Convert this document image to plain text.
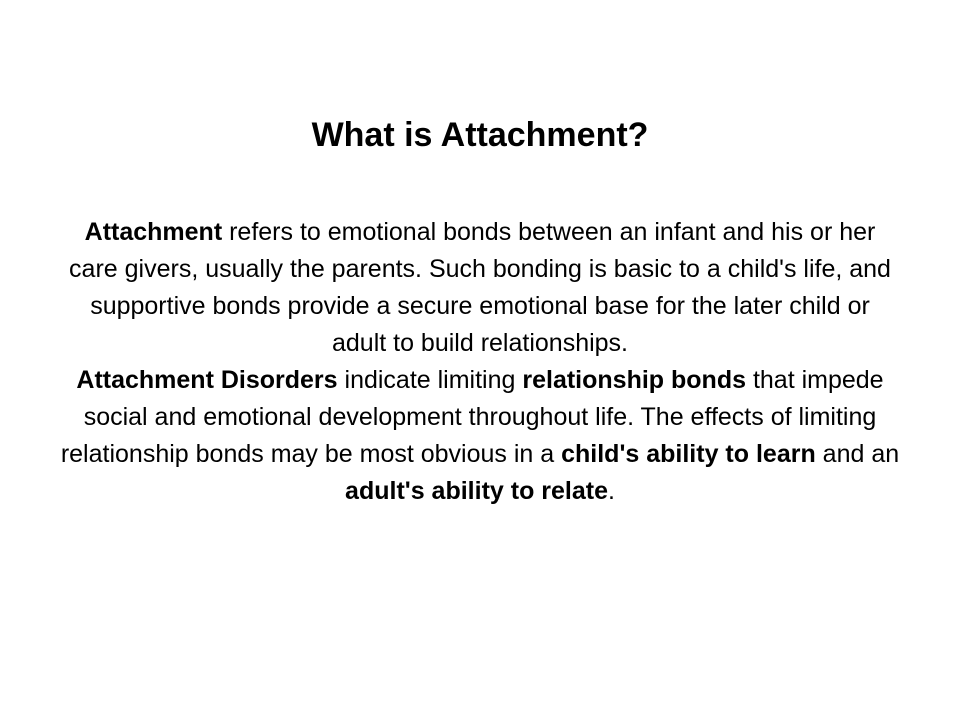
What is Attachment?
Attachment refers to emotional bonds between an infant and his or her care givers, usually the parents. Such bonding is basic to a child's life, and supportive bonds provide a secure emotional base for the later child or adult to build relationships.
Attachment Disorders indicate limiting relationship bonds that impede social and emotional development throughout life. The effects of limiting relationship bonds may be most obvious in a child's ability to learn and an adult's ability to relate.
